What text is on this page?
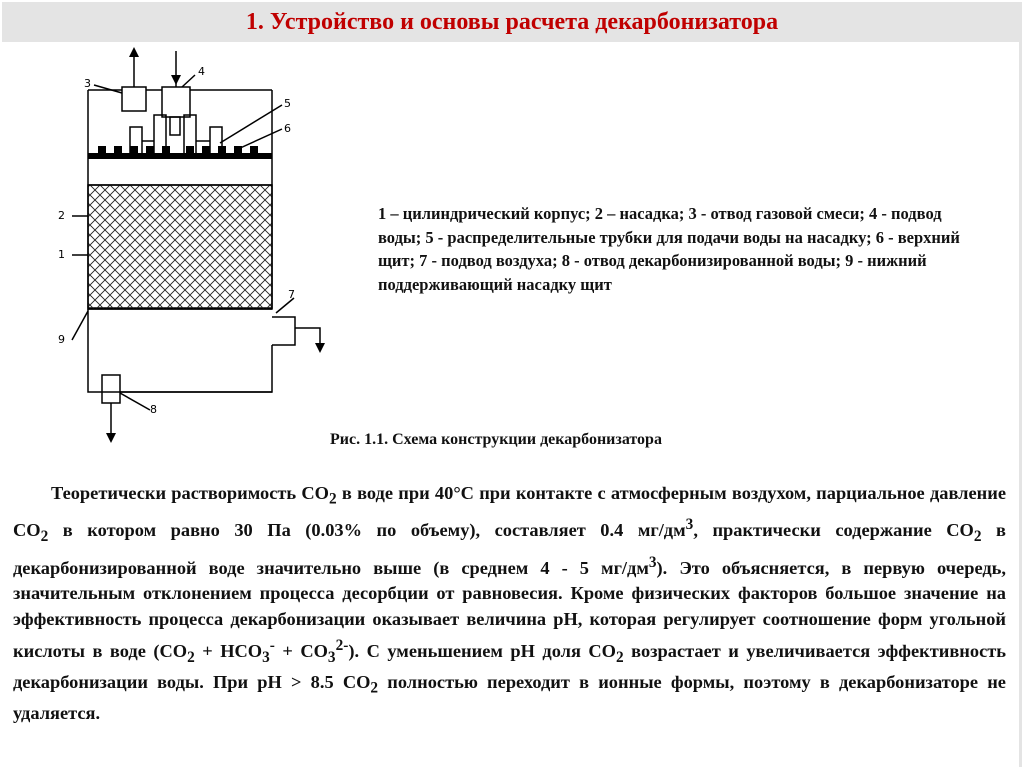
1. Устройство и основы расчета декарбонизатора
3
4
5
6
2
1
9
7
8
1 – цилиндрический корпус; 2 – насадка; 3 - отвод газовой смеси; 4 - подвод воды; 5 - распределительные трубки для подачи воды на насадку; 6 - верхний щит; 7 - подвод воздуха; 8 - отвод декарбонизированной воды; 9 - нижний поддерживающий насадку щит
Рис. 1.1. Схема конструкции декарбонизатора

Теоретически растворимость $СО_2$ в воде при 40°С при контакте с атмосферным воздухом, парциальное давление $СО_2$ в котором равно 30 Па (0.03% по объему), составляет 0.4 $мг/дм^3$, практически содержание $СО_2$ в декарбонизированной воде значительно выше (в среднем 4 - 5 $мг/дм^3$). Это объясняется, в первую очередь, значительным отклонением процесса десорбции от равновесия. Кроме физических факторов большое значение на эффективность процесса декарбонизации оказывает величина рН, которая регулирует соотношение форм угольной кислоты в воде $(СО_2 + НСО_3^- + СО_3^{2-})$. С уменьшением рН доля $СО_2$ возрастает и увеличивается эффективность декарбонизации воды. При рН > 8.5 $СО_2$ полностью переходит в ионные формы, поэтому в декарбонизаторе не удаляется.
